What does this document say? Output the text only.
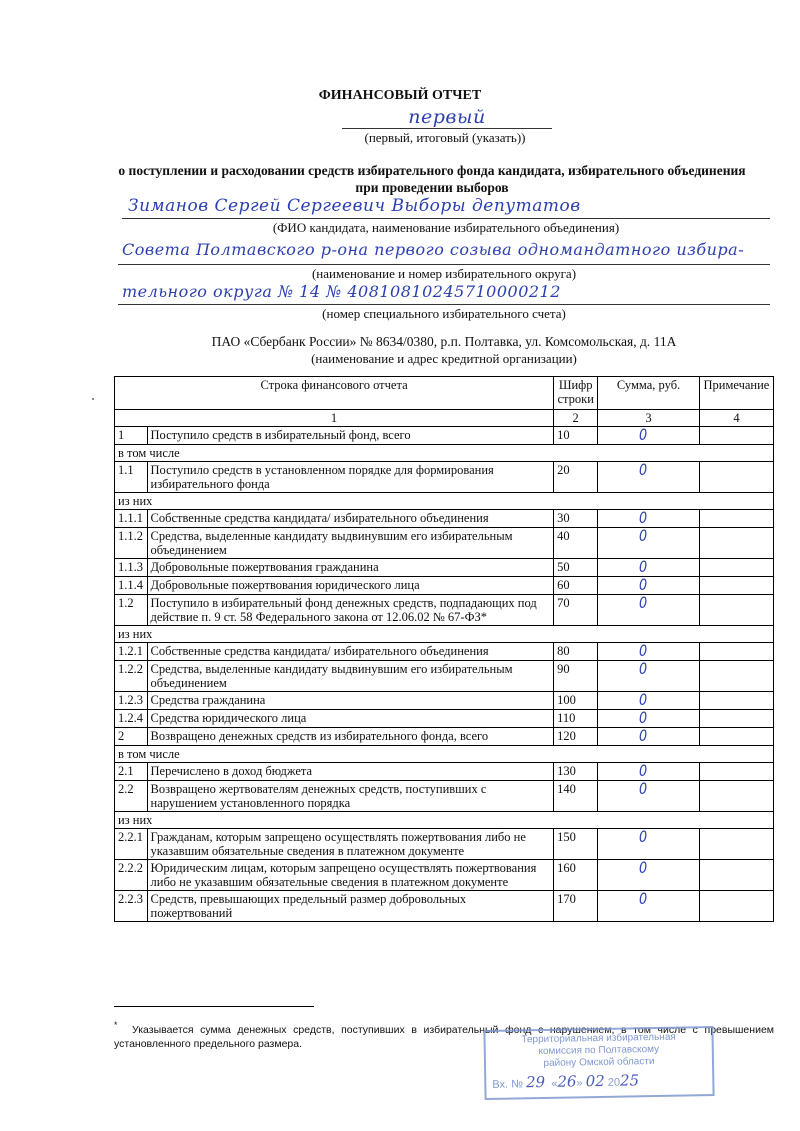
ФИНАНСОВЫЙ ОТЧЕТ
первый
(первый, итоговый (указать))
о поступлении и расходовании средств избирательного фонда кандидата, избирательного объединения
при проведении выборов
Зиманов Сергей Сергеевич Выборы депутатов
(ФИО кандидата, наименование избирательного объединения)
Совета Полтавского р-она первого созыва одномандатного избира-
(наименование и номер избирательного округа)
тельного округа № 14 № 40810810245710000212
(номер специального избирательного счета)
ПАО «Сбербанк России» № 8634/0380, р.п. Полтавка, ул. Комсомольская, д. 11А
(наименование и адрес кредитной организации)
Строка финансового отчета		Шифр строки	Сумма, руб.	Примечание
1		2	3	4
1	Поступило средств в избирательный фонд, всего	10	0	
в том числе				
1.1	Поступило средств в установленном порядке для формирования избирательного фонда	20	0	
из них				
1.1.1	Собственные средства кандидата/ избирательного объединения	30	0	
1.1.2	Средства, выделенные кандидату выдвинувшим его избирательным объединением	40	0	
1.1.3	Добровольные пожертвования гражданина	50	0	
1.1.4	Добровольные пожертвования юридического лица	60	0	
1.2	Поступило в избирательный фонд денежных средств, подпадающих под действие п. 9 ст. 58 Федерального закона от 12.06.02 № 67-ФЗ*	70	0	
из них				
1.2.1	Собственные средства кандидата/ избирательного объединения	80	0	
1.2.2	Средства, выделенные кандидату выдвинувшим его избирательным объединением	90	0	
1.2.3	Средства гражданина	100	0	
1.2.4	Средства юридического лица	110	0	
2	Возвращено денежных средств из избирательного фонда, всего	120	0	
в том числе				
2.1	Перечислено в доход бюджета	130	0	
2.2	Возвращено жертвователям денежных средств, поступивших с нарушением установленного порядка	140	0	
из них				
2.2.1	Гражданам, которым запрещено осуществлять пожертвования либо не указавшим обязательные сведения в платежном документе	150	0	
2.2.2	Юридическим лицам, которым запрещено осуществлять пожертвования либо не указавшим обязательные сведения в платежном документе	160	0	
2.2.3	Средств, превышающих предельный размер добровольных пожертвований	170	0	
* Указывается сумма денежных средств, поступивших в избирательный фонд с нарушением, в том числе с превышением установленного предельного размера.	Территориальная избирательная
комиссия по Полтавскому
району Омской области
Вх. № 29  «26» 02 2025
